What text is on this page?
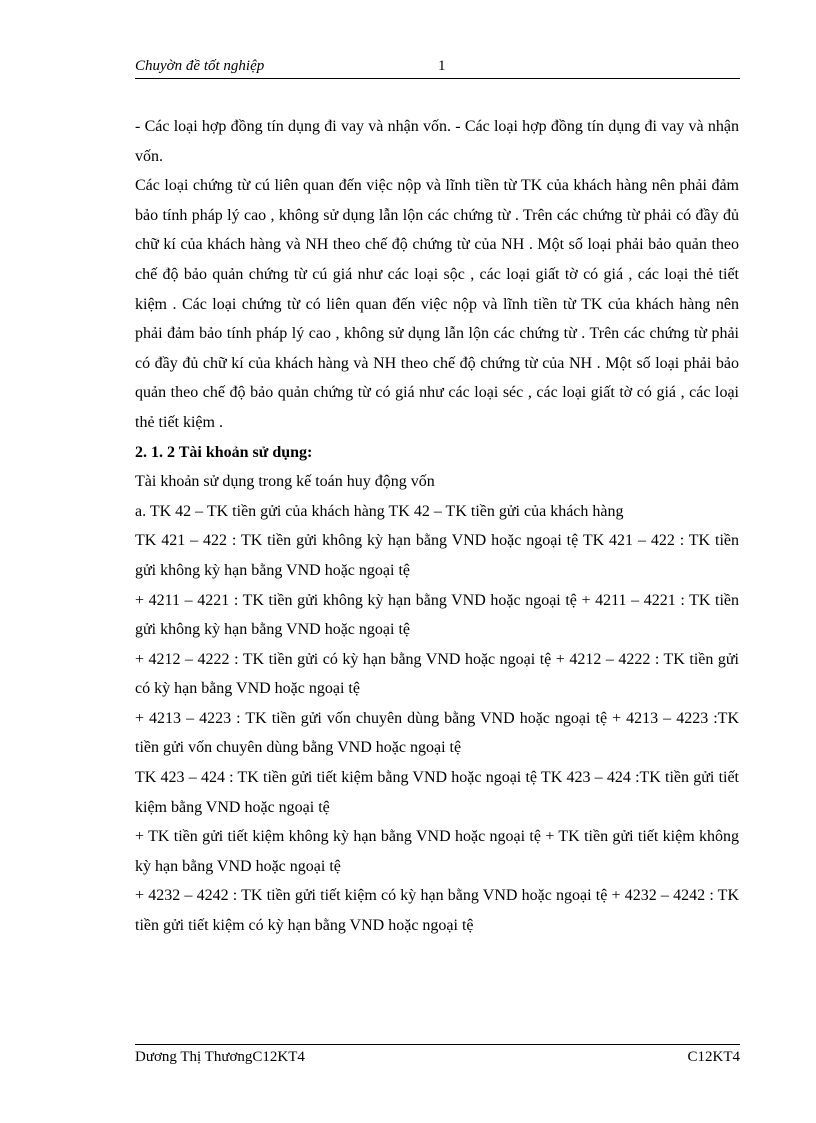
Chuyờn đề tốt nghiệp	1

- Các loại hợp đồng tín dụng đi vay và nhận vốn. - Các loại hợp đồng tín dụng đi vay và nhận vốn.

Các loại chứng từ cú liên quan đến việc nộp và lĩnh tiền từ TK của khách hàng nên phải đảm bảo tính pháp lý cao , không sử dụng lẫn lộn các chứng từ . Trên các chứng từ phải có đầy đủ chữ kí của khách hàng và NH theo chế độ chứng từ của NH . Một số loại phải bảo quản theo chế độ bảo quản chứng từ cú giá như các loại sộc , các loại giất tờ có giá , các loại thẻ tiết kiệm . Các loại chứng từ có liên quan đến việc nộp và lĩnh tiền từ TK của khách hàng nên phải đảm bảo tính pháp lý cao , không sử dụng lẫn lộn các chứng từ . Trên các chứng từ phải có đầy đủ chữ kí của khách hàng và NH theo chế độ chứng từ của NH . Một số loại phải bảo quản theo chế độ bảo quản chứng từ có giá như các loại séc , các loại giất tờ có giá , các loại thẻ tiết kiệm .

2. 1. 2 Tài khoản sử dụng:

Tài khoản sử dụng trong kế toán huy động vốn

a. TK 42 – TK tiền gửi của khách hàng TK 42 – TK tiền gửi của khách hàng

TK 421 – 422 : TK tiền gửi không kỳ hạn bằng VND hoặc ngoại tệ TK 421 – 422 : TK tiền gửi không kỳ hạn bằng VND hoặc ngoại tệ

+ 4211 – 4221 : TK tiền gửi không kỳ hạn bằng VND hoặc ngoại tệ + 4211 – 4221 : TK tiền gửi không kỳ hạn bằng VND hoặc ngoại tệ

+ 4212 – 4222 : TK tiền gửi có kỳ hạn bằng VND hoặc ngoại tệ + 4212 – 4222 : TK tiền gửi có kỳ hạn bằng VND hoặc ngoại tệ

+ 4213 – 4223 : TK tiền gửi vốn chuyên dùng bằng VND hoặc ngoại tệ + 4213 – 4223 :TK tiền gửi vốn chuyên dùng bằng VND hoặc ngoại tệ

TK 423 – 424 : TK tiền gửi tiết kiệm bằng VND hoặc ngoại tệ TK 423 – 424 :TK tiền gửi tiết kiệm bằng VND hoặc ngoại tệ

+ TK tiền gửi tiết kiệm không kỳ hạn bằng VND hoặc ngoại tệ + TK tiền gửi tiết kiệm không kỳ hạn bằng VND hoặc ngoại tệ

+ 4232 – 4242 : TK tiền gửi tiết kiệm có kỳ hạn bằng VND hoặc ngoại tệ + 4232 – 4242 : TK tiền gửi tiết kiệm có kỳ hạn bằng VND hoặc ngoại tệ

Dương Thị ThươngC12KT4	C12KT4
